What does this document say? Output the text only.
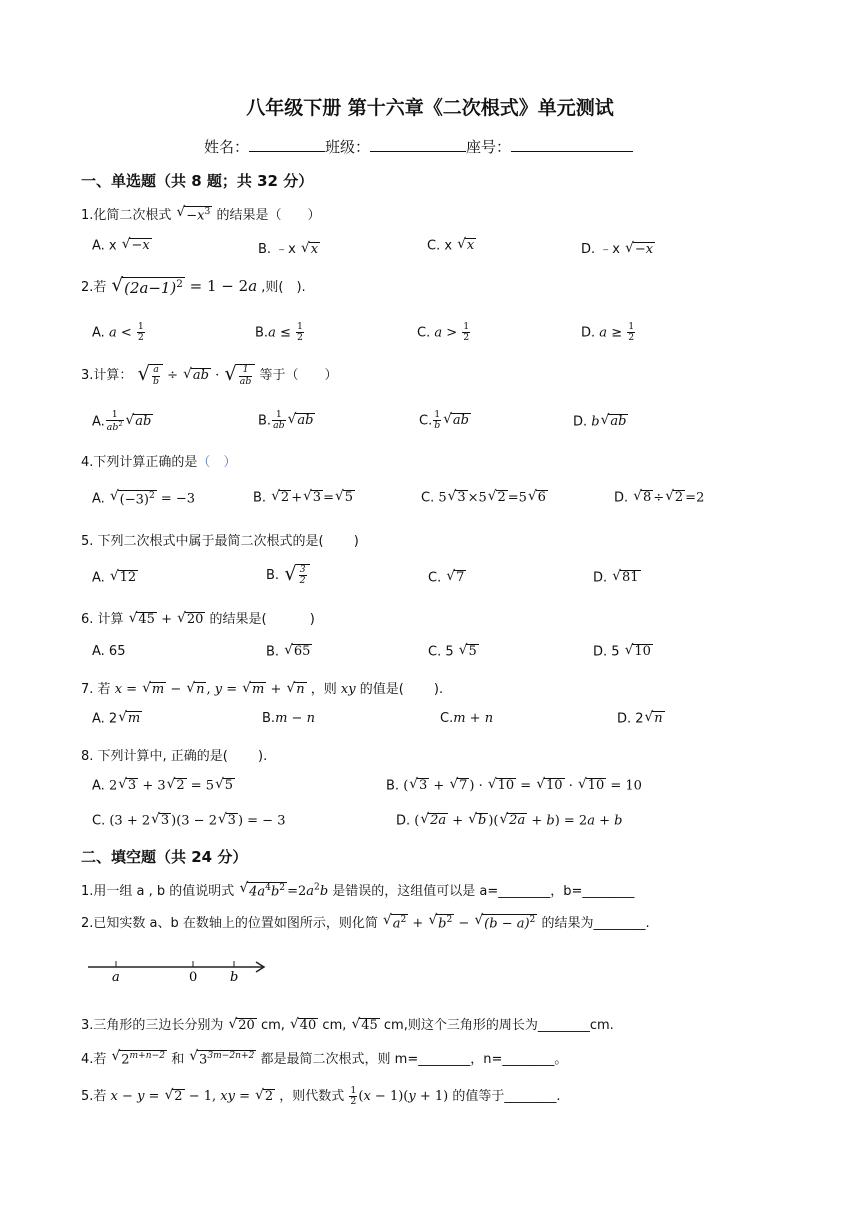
八年级下册 第十六章《二次根式》单元测试
姓名：	班级：	座号：
一、单选题（共 8 题；共 32 分）
1.化简二次根式 √ $-x^3$ 的结果是（　　）
A. x √ −x	B. ﹣x √ x	C. x √ x	D. ﹣x √ −x
2.若 √ $(2a-1)^2 = 1 - 2a$ ,则(　).
A. $a < \frac{1}{2}$	$B.a \le \frac{1}{2}$	C. $a > \frac{1}{2}$	D. $a \ge \frac{1}{2}$
3.计算： √ $\frac{a}{b}$ ÷ √ ab · √ $\frac{1}{ab}$ 等于（　　）
A. $\frac{1}{ab^2}$ √ ab	B. $\frac{1}{ab}$ √ ab	C. $\frac{1}{b}$ √ ab	D. b √ ab
4.下列计算正确的是（　）
A. √ $(-3)^2 = -3$	B. √ 2 + √ 3 = √ 5	C. 5 √ 3 ×5 √ 2 =5 √ 6	D. √ 8 ÷ √ 2 =2
5. 下列二次根式中属于最简二次根式的是(　　 )
A. √ 12	B. √ $\frac{3}{2}$	C. √ 7	D. √ 81
6. 计算 √ 45 + √ 20 的结果是(　　 　)
A. 65	B. √ 65	C. 5 √ 5	D. 5 √ 10
7. 若 x = √ m − √ n , y = √ m + √ n ，则 xy 的值是(　　 ).
A. 2 √ m	B.m − n	C.m + n	D. 2 √ n
8. 下列计算中, 正确的是(　　 ).
A. 2 √ 3 + 3 √ 2 = 5 √ 5	B. ( √ 3 + √ 7 ) · √ 10 = √ 10 · √ 10 = 10
C. (3 + 2 √ 3 )(3 − 2 √ 3 ) = − 3	D. ( √ 2a + √ b )( √ 2a + b) = 2a + b
二、填空题（共 24 分）
1.用一组 a , b 的值说明式 √ $4a^4b^2 =2a^2b$ 是错误的，这组值可以是 a=________，b=________
2.已知实数 a、b 在数轴上的位置如图所示，则化简 √ $a^2$ + √ $b^2$ − √ $(b - a)^2$ 的结果为________.
a	0	b
3.三角形的三边长分别为 √ 20 cm, √ 40 cm, √ 45 cm,则这个三角形的周长为________cm.
4.若 √ $2^{m+n-2}$ 和 √ $3^{3m-2n+2}$ 都是最简二次根式，则 m=________，n=________。
5.若 x − y = √ 2 − 1, xy = √ 2 ，则代数式 $\frac{1}{2} (x - 1)(y + 1)$ 的值等于________.
